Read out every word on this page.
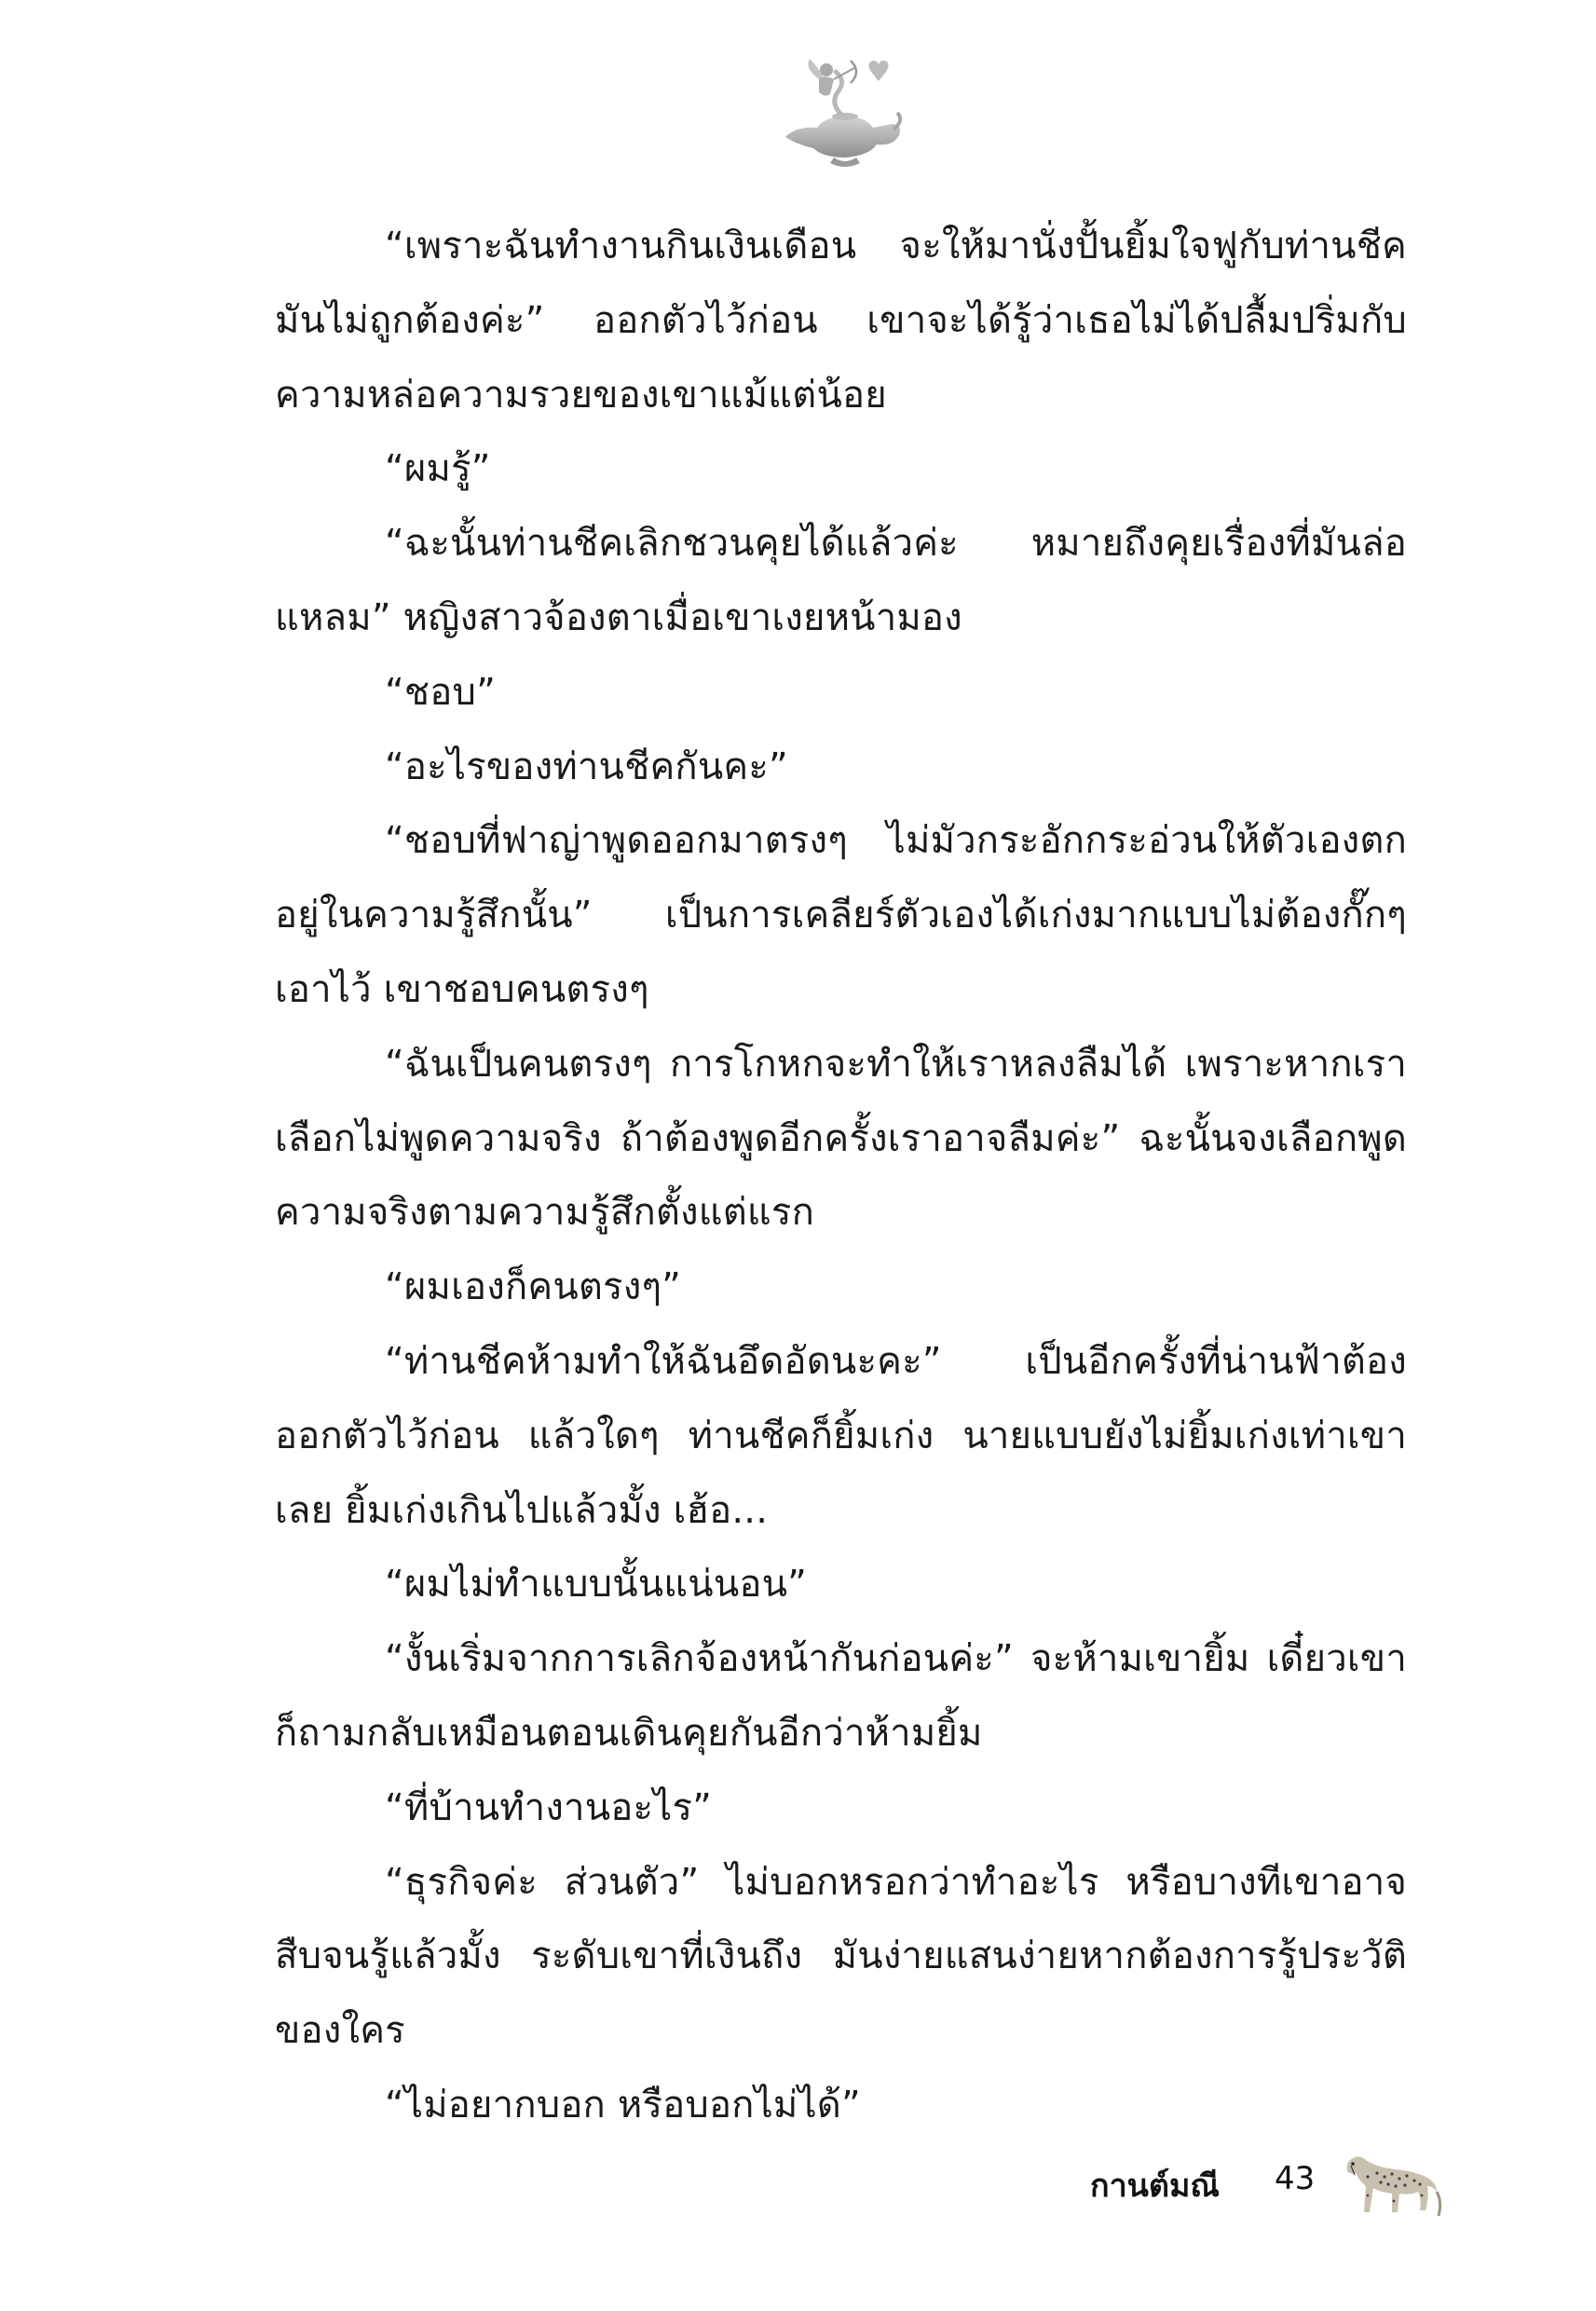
“เพราะฉันทำงานกินเงินเดือน จะให้มานั่งปั้นยิ้มใจฟูกับท่านชีค มันไม่ถูกต้องค่ะ” ออกตัวไว้ก่อน เขาจะได้รู้ว่าเธอไม่ได้ปลื้มปริ่มกับความหล่อความรวยของเขาแม้แต่น้อย

“ผมรู้”

“ฉะนั้นท่านชีคเลิกชวนคุยได้แล้วค่ะ หมายถึงคุยเรื่องที่มันล่อแหลม” หญิงสาวจ้องตาเมื่อเขาเงยหน้ามอง

“ชอบ”

“อะไรของท่านชีคกันคะ”

“ชอบที่ฟาญ่าพูดออกมาตรงๆ ไม่มัวกระอักกระอ่วนให้ตัวเองตกอยู่ในความรู้สึกนั้น” เป็นการเคลียร์ตัวเองได้เก่งมากแบบไม่ต้องกั๊กๆ เอาไว้ เขาชอบคนตรงๆ

“ฉันเป็นคนตรงๆ การโกหกจะทำให้เราหลงลืมได้ เพราะหากเราเลือกไม่พูดความจริง ถ้าต้องพูดอีกครั้งเราอาจลืมค่ะ” ฉะนั้นจงเลือกพูดความจริงตามความรู้สึกตั้งแต่แรก

“ผมเองก็คนตรงๆ”

“ท่านชีคห้ามทำให้ฉันอึดอัดนะคะ” เป็นอีกครั้งที่น่านฟ้าต้องออกตัวไว้ก่อน แล้วใดๆ ท่านชีคก็ยิ้มเก่ง นายแบบยังไม่ยิ้มเก่งเท่าเขาเลย ยิ้มเก่งเกินไปแล้วมั้ง เฮ้อ...

“ผมไม่ทำแบบนั้นแน่นอน”

“งั้นเริ่มจากการเลิกจ้องหน้ากันก่อนค่ะ” จะห้ามเขายิ้ม เดี๋ยวเขาก็ถามกลับเหมือนตอนเดินคุยกันอีกว่าห้ามยิ้ม

“ที่บ้านทำงานอะไร”

“ธุรกิจค่ะ ส่วนตัว” ไม่บอกหรอกว่าทำอะไร หรือบางทีเขาอาจสืบจนรู้แล้วมั้ง ระดับเขาที่เงินถึง มันง่ายแสนง่ายหากต้องการรู้ประวัติของใคร

“ไม่อยากบอก หรือบอกไม่ได้”

กานต์มณี 43
